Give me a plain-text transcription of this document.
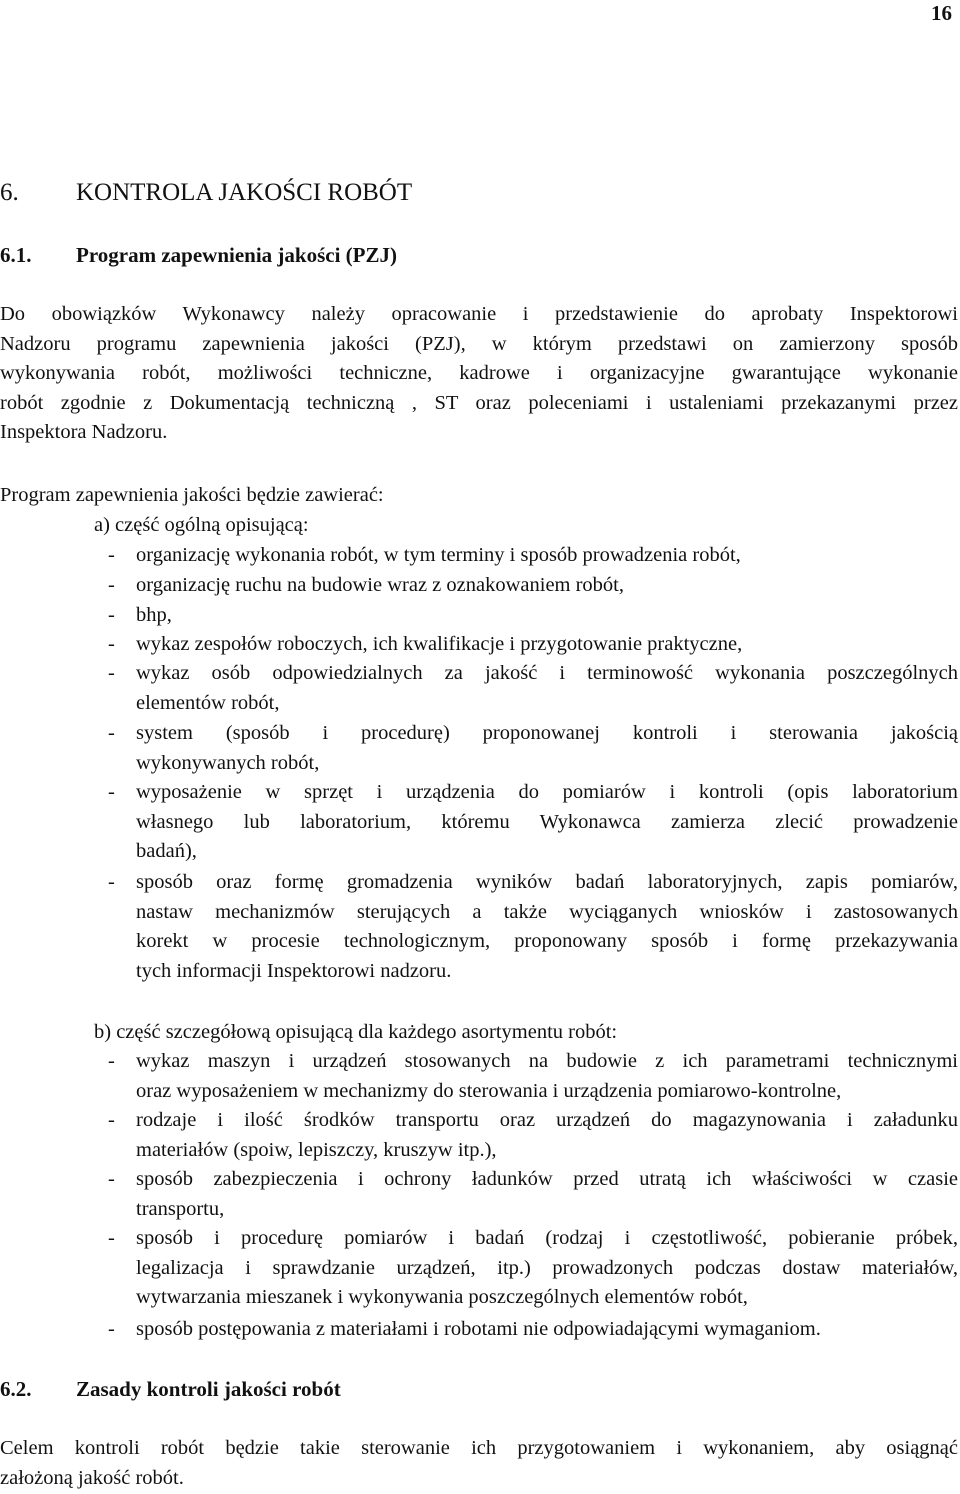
16
6. KONTROLA JAKOŚCI ROBÓT
6.1. Program zapewnienia jakości (PZJ)
Do obowiązków Wykonawcy należy opracowanie i przedstawienie do aprobaty Inspektorowi
Nadzoru programu zapewnienia jakości (PZJ), w którym przedstawi on zamierzony sposób
wykonywania robót, możliwości techniczne, kadrowe i organizacyjne gwarantujące wykonanie
robót zgodnie z Dokumentacją techniczną , ST oraz poleceniami i ustaleniami przekazanymi przez
Inspektora Nadzoru.
Program zapewnienia jakości będzie zawierać:
a) część ogólną opisującą:
- organizację wykonania robót, w tym terminy i sposób prowadzenia robót,
- organizację ruchu na budowie wraz z oznakowaniem robót,
- bhp,
- wykaz zespołów roboczych, ich kwalifikacje i przygotowanie praktyczne,
- wykaz osób odpowiedzialnych za jakość i terminowość wykonania poszczególnych
elementów robót,
- system (sposób i procedurę) proponowanej kontroli i sterowania jakością
wykonywanych robót,
- wyposażenie w sprzęt i urządzenia do pomiarów i kontroli (opis laboratorium
własnego lub laboratorium, któremu Wykonawca zamierza zlecić prowadzenie
badań),
- sposób oraz formę gromadzenia wyników badań laboratoryjnych, zapis pomiarów,
nastaw mechanizmów sterujących a także wyciąganych wniosków i zastosowanych
korekt w procesie technologicznym, proponowany sposób i formę przekazywania
tych informacji Inspektorowi nadzoru.
b) część szczegółową opisującą dla każdego asortymentu robót:
- wykaz maszyn i urządzeń stosowanych na budowie z ich parametrami technicznymi
oraz wyposażeniem w mechanizmy do sterowania i urządzenia pomiarowo-kontrolne,
- rodzaje i ilość środków transportu oraz urządzeń do magazynowania i załadunku
materiałów (spoiw, lepiszczy, kruszyw itp.),
- sposób zabezpieczenia i ochrony ładunków przed utratą ich właściwości w czasie
transportu,
- sposób i procedurę pomiarów i badań (rodzaj i częstotliwość, pobieranie próbek,
legalizacja i sprawdzanie urządzeń, itp.) prowadzonych podczas dostaw materiałów,
wytwarzania mieszanek i wykonywania poszczególnych elementów robót,
- sposób postępowania z materiałami i robotami nie odpowiadającymi wymaganiom.
6.2. Zasady kontroli jakości robót
Celem kontroli robót będzie takie sterowanie ich przygotowaniem i wykonaniem, aby osiągnąć
założoną jakość robót.
